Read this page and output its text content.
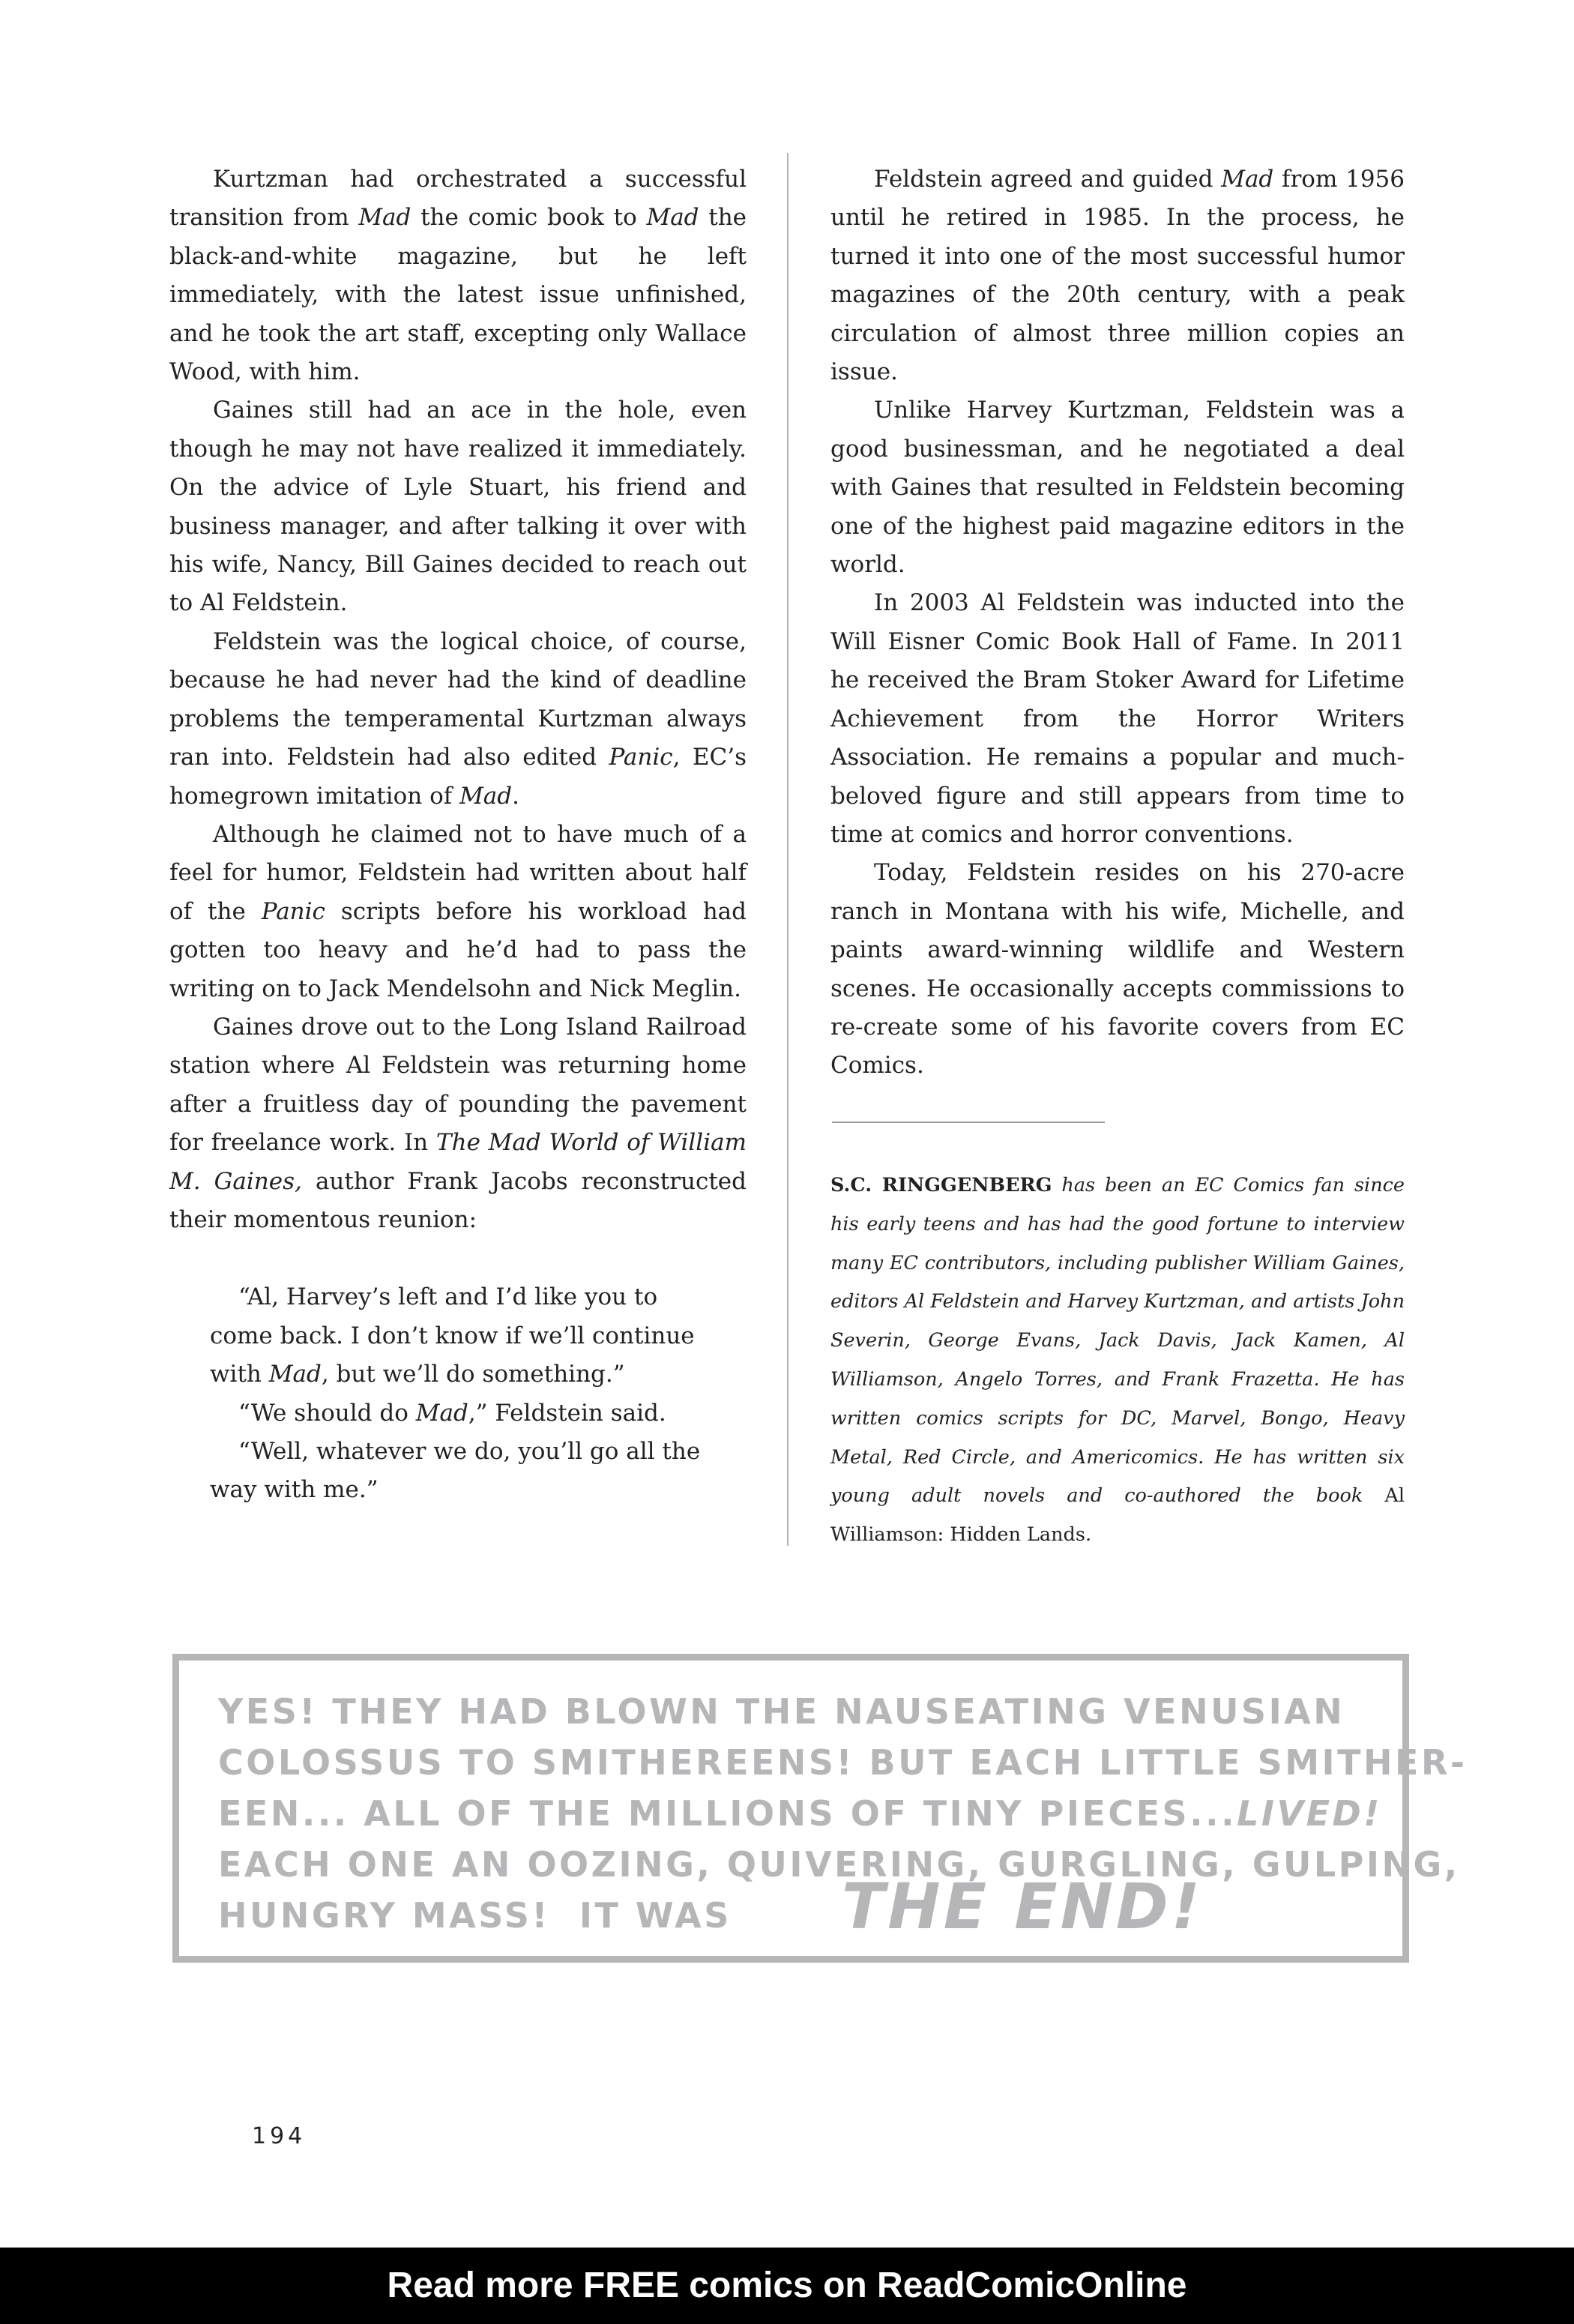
Kurtzman had orchestrated a successful transition from Mad the comic book to Mad the black-and-white magazine, but he left immediately, with the latest issue unfinished, and he took the art staff, excepting only Wallace Wood, with him.

Gaines still had an ace in the hole, even though he may not have realized it immediately. On the advice of Lyle Stuart, his friend and business manager, and after talking it over with his wife, Nancy, Bill Gaines decided to reach out to Al Feldstein.

Feldstein was the logical choice, of course, because he had never had the kind of deadline problems the temperamental Kurtzman always ran into. Feldstein had also edited Panic, EC’s homegrown imitation of Mad.

Although he claimed not to have much of a feel for humor, Feldstein had written about half of the Panic scripts before his workload had gotten too heavy and he’d had to pass the writing on to Jack Mendelsohn and Nick Meglin.

Gaines drove out to the Long Island Railroad station where Al Feldstein was returning home after a fruitless day of pounding the pavement for freelance work. In The Mad World of William M. Gaines, author Frank Jacobs reconstructed their momentous reunion:

“Al, Harvey’s left and I’d like you to come back. I don’t know if we’ll continue with Mad, but we’ll do something.”

“We should do Mad,” Feldstein said.

“Well, whatever we do, you’ll go all the way with me.”

Feldstein agreed and guided Mad from 1956 until he retired in 1985. In the process, he turned it into one of the most successful humor magazines of the 20th century, with a peak circulation of almost three million copies an issue.

Unlike Harvey Kurtzman, Feldstein was a good businessman, and he negotiated a deal with Gaines that resulted in Feldstein becoming one of the highest paid magazine editors in the world.

In 2003 Al Feldstein was inducted into the Will Eisner Comic Book Hall of Fame. In 2011 he received the Bram Stoker Award for Lifetime Achievement from the Horror Writers Association. He remains a popular and much-beloved figure and still appears from time to time at comics and horror conventions.

Today, Feldstein resides on his 270-acre ranch in Montana with his wife, Michelle, and paints award-winning wildlife and Western scenes. He occasionally accepts commissions to re-create some of his favorite covers from EC Comics.

S.C. RINGGENBERG has been an EC Comics fan since his early teens and has had the good fortune to interview many EC contributors, including publisher William Gaines, editors Al Feldstein and Harvey Kurtzman, and artists John Severin, George Evans, Jack Davis, Jack Kamen, Al Williamson, Angelo Torres, and Frank Frazetta. He has written comics scripts for DC, Marvel, Bongo, Heavy Metal, Red Circle, and Americomics. He has written six young adult novels and co-authored the book Al Williamson: Hidden Lands.
YES! THEY HAD BLOWN THE NAUSEATING VENUSIAN
COLOSSUS TO SMITHEREENS! BUT EACH LITTLE SMITHER-
EEN... ALL OF THE MILLIONS OF TINY PIECES...LIVED!
EACH ONE AN OOZING, QUIVERING, GURGLING, GULPING,
HUNGRY MASS!  IT WAS	THE END!
194
Read more FREE comics on ReadComicOnline
